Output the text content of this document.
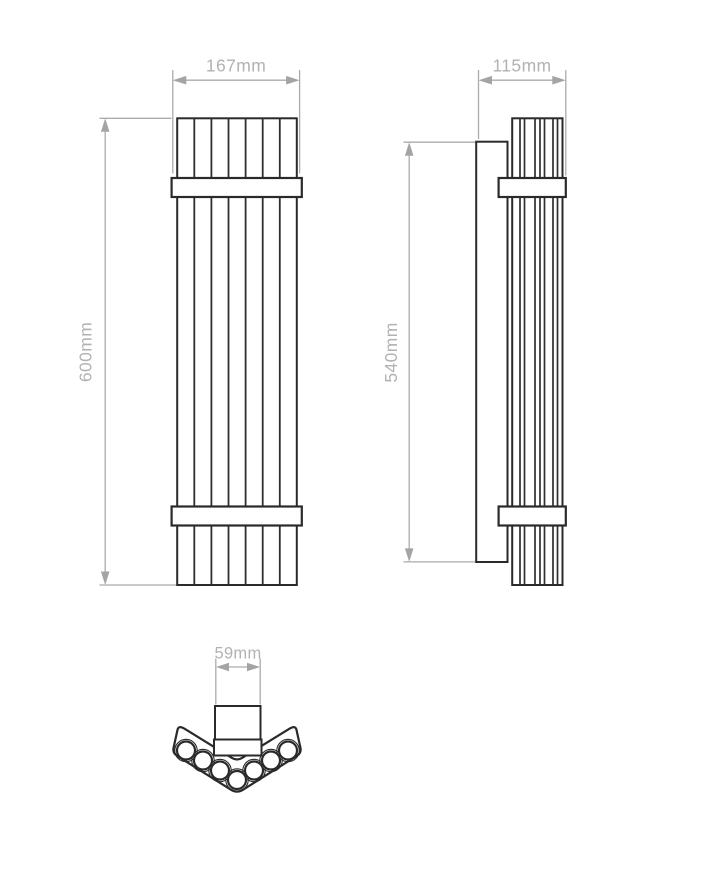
167mm
600mm
115mm
540mm
59mm
